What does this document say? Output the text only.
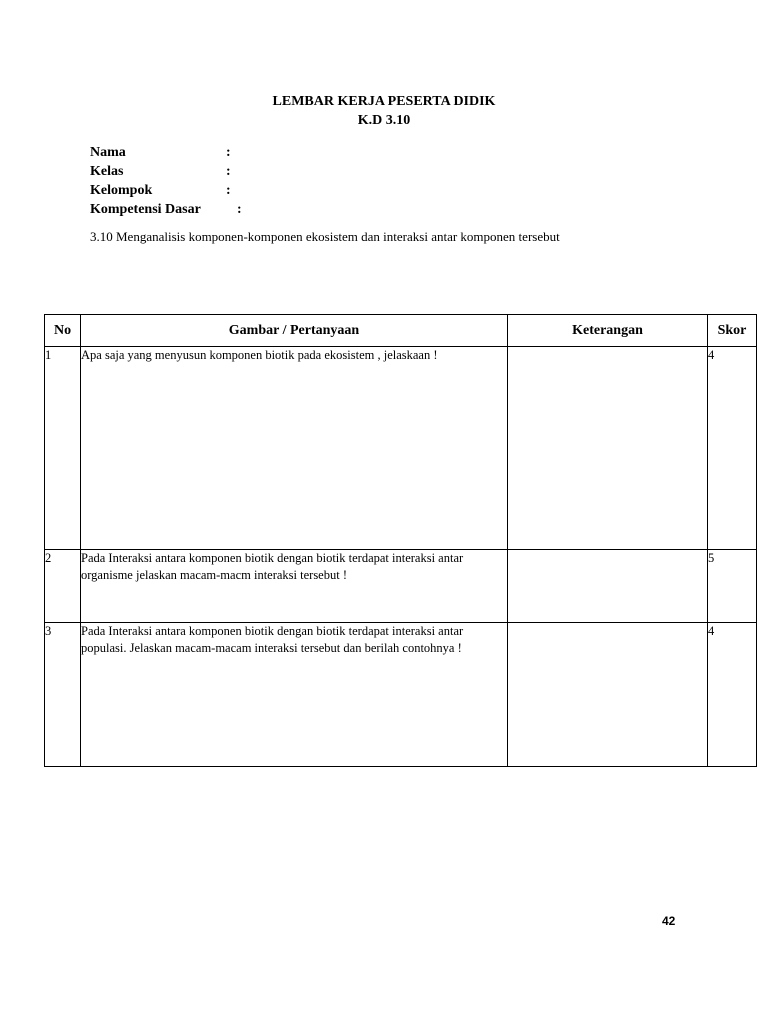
LEMBAR KERJA PESERTA DIDIK
K.D 3.10
Nama	:
Kelas	:
Kelompok	:
Kompetensi Dasar	:
3.10 Menganalisis komponen-komponen ekosistem dan interaksi antar komponen tersebut
No	Gambar / Pertanyaan	Keterangan	Skor
1	Apa saja yang menyusun komponen biotik pada ekosistem , jelaskaan !		4
2	Pada Interaksi antara komponen biotik dengan biotik terdapat interaksi antar organisme jelaskan macam-macm interaksi tersebut !		5
3	Pada Interaksi antara komponen biotik dengan biotik terdapat interaksi antar populasi. Jelaskan macam-macam interaksi tersebut dan berilah contohnya !		4
42
